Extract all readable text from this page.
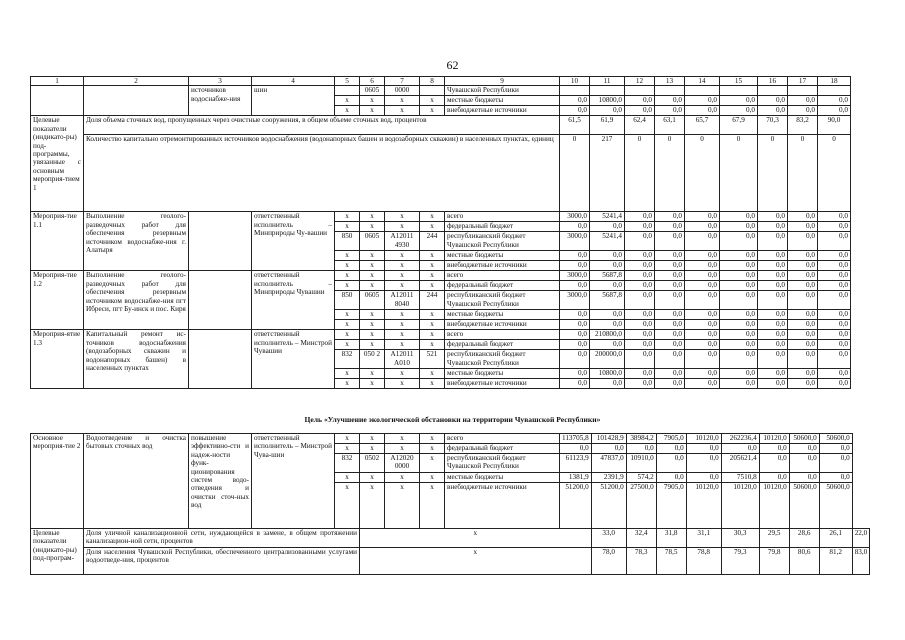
62
1	2	3	4	5	6	7	8	9	10	11	12	13	14	15	16	17	18
		источников водоснабже-ния	шин		0605	0000		Чувашской Республики									
				x	x	x	x	местные бюджеты	0,0	10800,0	0,0	0,0	0,0	0,0	0,0	0,0	0,0
				x	x	x	x	внебюджетные источники	0,0	0,0	0,0	0,0	0,0	0,0	0,0	0,0	0,0
Целевые показатели (индикато-ры) под-программы, увязанные с основным мероприя-тием 1	Доля объема сточных вод, пропущенных через очистные сооружения, в общем объеме сточных вод, процентов								61,5	61,9	62,4	63,1	65,7	67,9	70,3	83,2	90,0
	Количество капитально отремонтированных источников водоснабжения (водонапорных башен и водозаборных скважин) в населенных пунктах, единиц								0	217	0	0	0	0	0	0	0
Мероприя-тие 1.1	Выполнение геолого-разведочных работ для обеспечения резервным источником водоснабже-ния г. Алатыря		ответственный исполнитель – Минприроды Чу-вашии	x	x	x	x	всего	3000,0	5241,4	0,0	0,0	0,0	0,0	0,0	0,0	0,0
				x	x	x	x	федеральный бюджет	0,0	0,0	0,0	0,0	0,0	0,0	0,0	0,0	0,0
				850	0605	А12011 4930	244	республиканский бюджет Чувашской Республики	3000,0	5241,4	0,0	0,0	0,0	0,0	0,0	0,0	0,0
				x	x	x	x	местные бюджеты	0,0	0,0	0,0	0,0	0,0	0,0	0,0	0,0	0,0
				x	x	x	x	внебюджетные источники	0,0	0,0	0,0	0,0	0,0	0,0	0,0	0,0	0,0
Мероприя-тие 1.2	Выполнение геолого-разведочных работ для обеспечения резервным источником водоснабже-ния пгт Ибреси, пгт Бу-инск и пос. Киря		ответственный исполнитель – Минприроды Чувашии	x	x	x	x	всего	3000,0	5687,8	0,0	0,0	0,0	0,0	0,0	0,0	0,0
				x	x	x	x	федеральный бюджет	0,0	0,0	0,0	0,0	0,0	0,0	0,0	0,0	0,0
				850	0605	А12011 8040	244	республиканский бюджет Чувашской Республики	3000,0	5687,8	0,0	0,0	0,0	0,0	0,0	0,0	0,0
				x	x	x	x	местные бюджеты	0,0	0,0	0,0	0,0	0,0	0,0	0,0	0,0	0,0
				x	x	x	x	внебюджетные источники	0,0	0,0	0,0	0,0	0,0	0,0	0,0	0,0	0,0
Мероприя-ятие 1.3	Капитальный ремонт ис-точников водоснабжения (водозаборных скважин и водонапорных башен) в населенных пунктах		ответственный исполнитель – Минстрой Чувашии	x	x	x	x	всего	0,0	210800,0	0,0	0,0	0,0	0,0	0,0	0,0	0,0
				x	x	x	x	федеральный бюджет	0,0	0,0	0,0	0,0	0,0	0,0	0,0	0,0	0,0
				832	050 2	А12011 А010	521	республиканский бюджет Чувашской Республики	0,0	200000,0	0,0	0,0	0,0	0,0	0,0	0,0	0,0
				x	x	x	x	местные бюджеты	0,0	10800,0	0,0	0,0	0,0	0,0	0,0	0,0	0,0
				x	x	x	x	внебюджетные источники	0,0	0,0	0,0	0,0	0,0	0,0	0,0	0,0	0,0
Цель «Улучшение экологической обстановки на территории Чувашской Республики»
Основное мероприя-тие 2	Водоотведение и очистка бытовых сточных вод	повышение эффективно-сти и надеж-ности функ-ционирования систем водо-отведения и очистки сточ-ных вод	ответственный исполнитель – Минстрой Чува-шии	x	x	x	x	всего	113705,8	101428,9	38984,2	7905,0	10120,0	262236,4	10120,0	50600,0	50600,0	
				x	x	x	x	федеральный бюджет	0,0	0,0	0,0	0,0	0,0	0,0	0,0	0,0	0,0	
				832	0502	А12020 0000	x	республиканский бюджет Чувашской Республики	61123,9	47837,0	10910,0	0,0	0,0	205621,4	0,0	0,0	0,0	
				x	x	x	x	местные бюджеты	1381,9	2391,9	574,2	0,0	0,0	7510,8	0,0	0,0	0,0	
				x	x	x	x	внебюджетные источники	51200,0	51200,0	27500,0	7905,0	10120,0	10120,0	10120,0	50600,0	50600,0	
Целевые показатели (индикато-ры) под-програм-	Доля уличной канализационной сети, нуждающейся в замене, в общем протяжении канализацион-ной сети, процентов				x					33,0	32,4	31,8	31,1	30,3	29,5	28,6	26,1	22,0
	Доля населения Чувашской Республики, обеспеченного централизованными услугами водоотведе-ния, процентов				x					78,0	78,3	78,5	78,8	79,3	79,8	80,6	81,2	83,0
